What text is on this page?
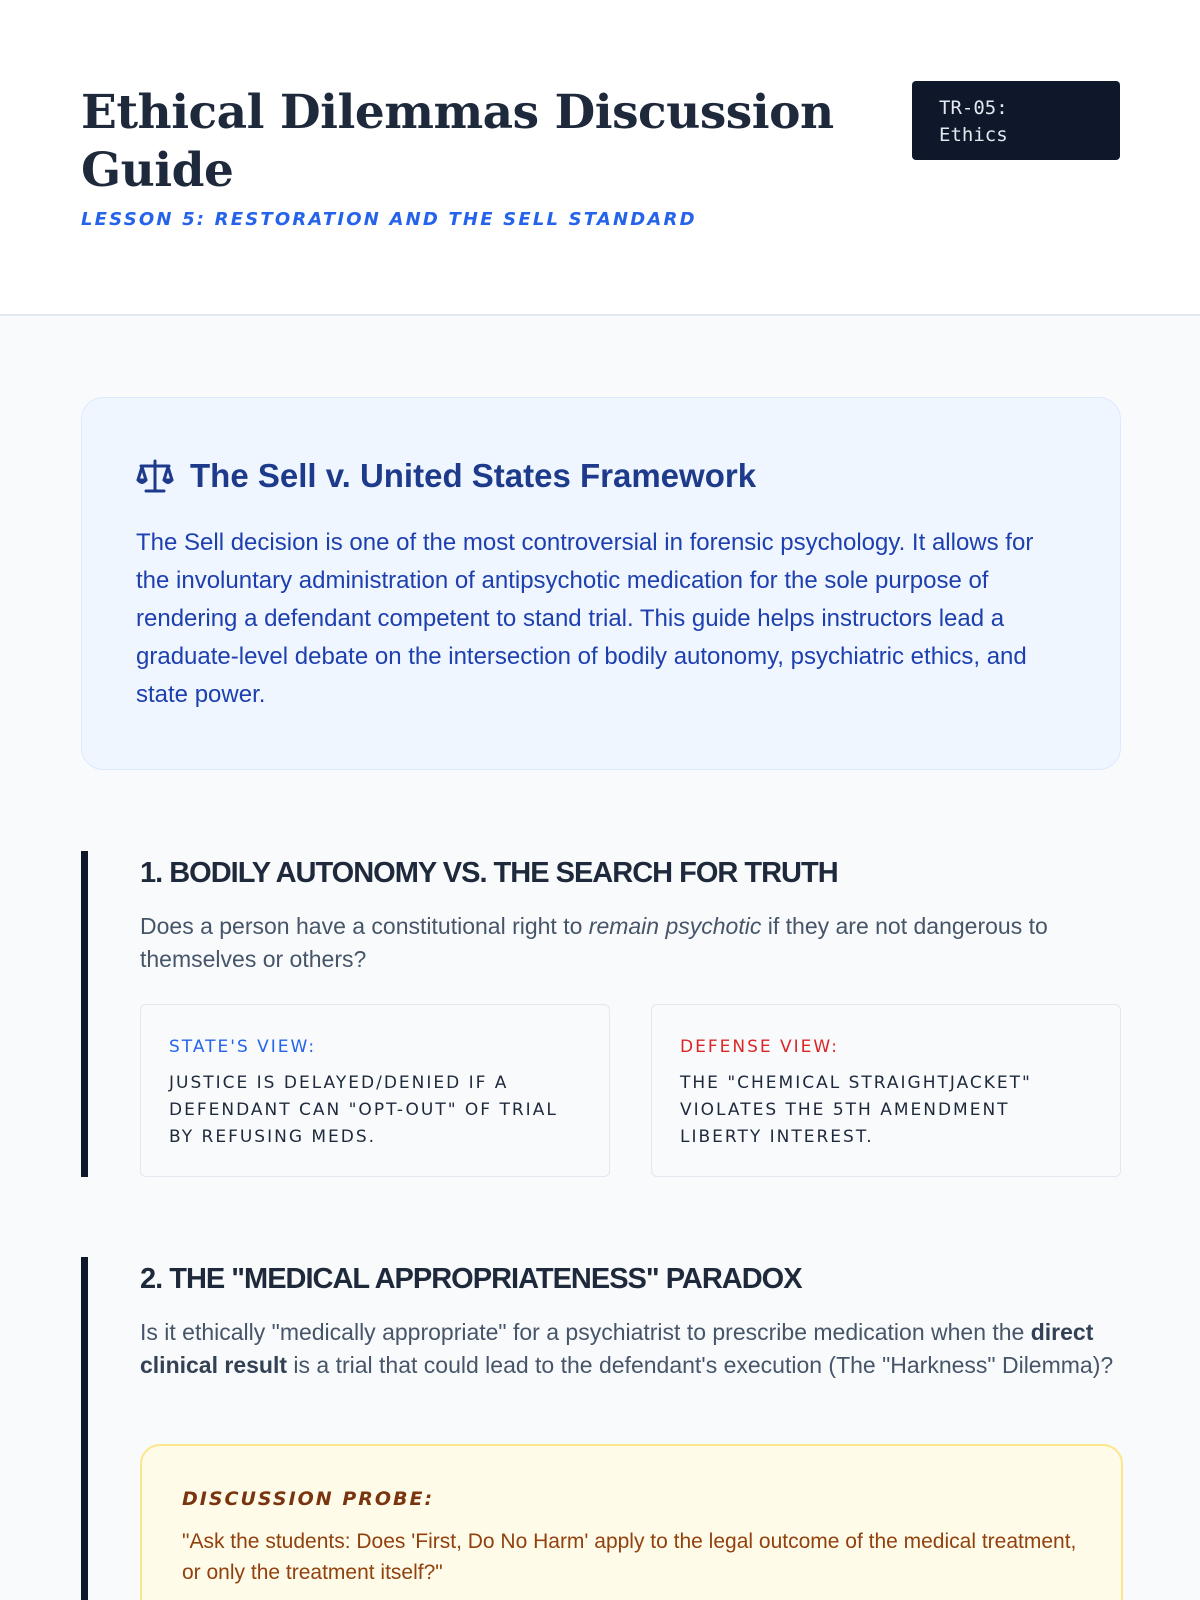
Ethical Dilemmas Discussion Guide
LESSON 5: RESTORATION AND THE SELL STANDARD
TR-05:
Ethics
The Sell v. United States Framework

The Sell decision is one of the most controversial in forensic psychology. It allows for the involuntary administration of antipsychotic medication for the sole purpose of rendering a defendant competent to stand trial. This guide helps instructors lead a graduate-level debate on the intersection of bodily autonomy, psychiatric ethics, and state power.

1. BODILY AUTONOMY VS. THE SEARCH FOR TRUTH

Does a person have a constitutional right to remain psychotic if they are not dangerous to themselves or others?

STATE'S VIEW:
JUSTICE IS DELAYED/DENIED IF A DEFENDANT CAN "OPT-OUT" OF TRIAL BY REFUSING MEDS.
DEFENSE VIEW:
THE "CHEMICAL STRAIGHTJACKET" VIOLATES THE 5TH AMENDMENT LIBERTY INTEREST.
2. THE "MEDICAL APPROPRIATENESS" PARADOX

Is it ethically "medically appropriate" for a psychiatrist to prescribe medication when the direct clinical result is a trial that could lead to the defendant's execution (The "Harkness" Dilemma)?

DISCUSSION PROBE:
"Ask the students: Does 'First, Do No Harm' apply to the legal outcome of the medical treatment, or only the treatment itself?"
